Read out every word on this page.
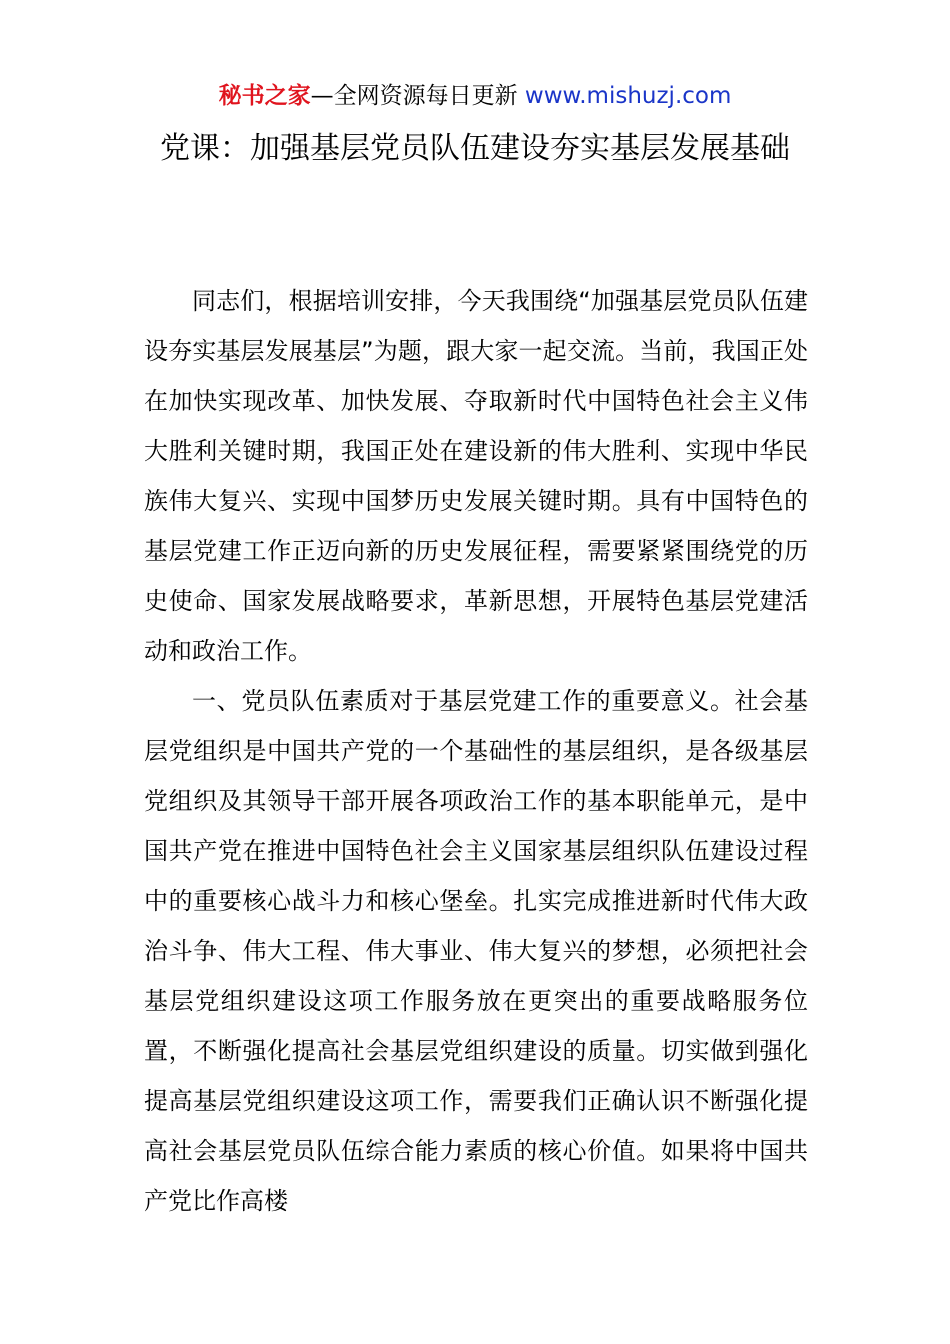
秘书之家—全网资源每日更新 www.mishuzj.com
党课：加强基层党员队伍建设夯实基层发展基础

同志们，根据培训安排，今天我围绕“加强基层党员队伍建设夯实基层发展基层”为题，跟大家一起交流。当前，我国正处在加快实现改革、加快发展、夺取新时代中国特色社会主义伟大胜利关键时期，我国正处在建设新的伟大胜利、实现中华民族伟大复兴、实现中国梦历史发展关键时期。具有中国特色的基层党建工作正迈向新的历史发展征程，需要紧紧围绕党的历史使命、国家发展战略要求，革新思想，开展特色基层党建活动和政治工作。

一、党员队伍素质对于基层党建工作的重要意义。社会基层党组织是中国共产党的一个基础性的基层组织，是各级基层党组织及其领导干部开展各项政治工作的基本职能单元，是中国共产党在推进中国特色社会主义国家基层组织队伍建设过程中的重要核心战斗力和核心堡垒。扎实完成推进新时代伟大政治斗争、伟大工程、伟大事业、伟大复兴的梦想，必须把社会基层党组织建设这项工作服务放在更突出的重要战略服务位置，不断强化提高社会基层党组织建设的质量。切实做到强化提高基层党组织建设这项工作，需要我们正确认识不断强化提高社会基层党员队伍综合能力素质的核心价值。如果将中国共产党比作高楼
